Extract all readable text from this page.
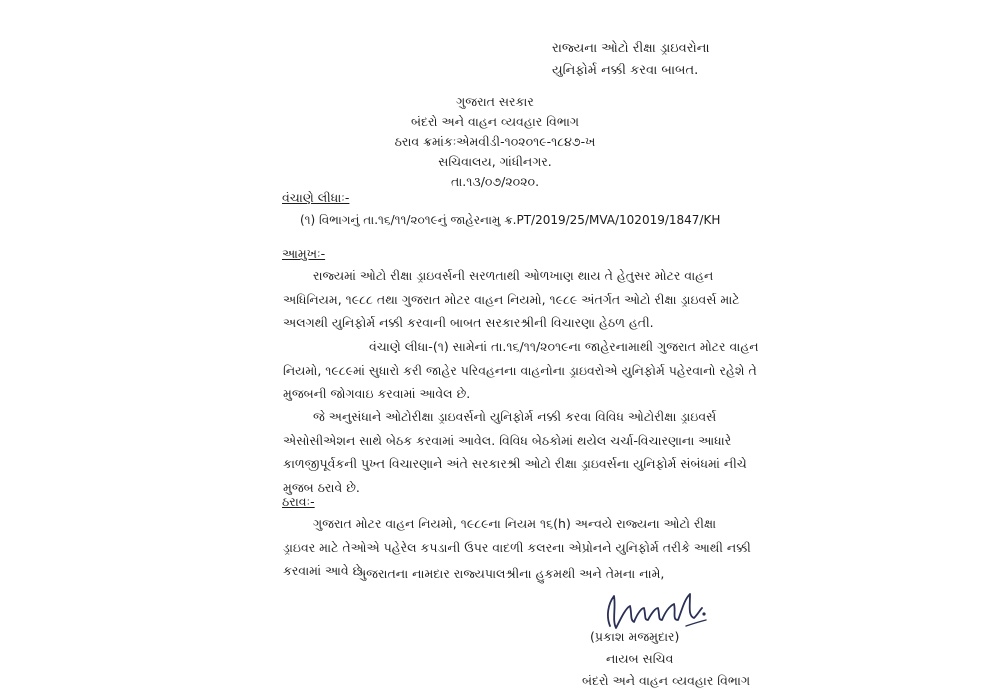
રાજ્યના ઓટો રીક્ષા ડ્રાઇવરોના
યુનિફોર્મ નક્કી કરવા બાબત.
ગુજરાત સરકાર
બંદરો અને વાહન વ્યવહાર વિભાગ
ઠરાવ ક્રમાંકઃએમવીડી-૧૦૨૦૧૯-૧૮૪૭-ખ
સચિવાલય, ગાંધીનગર.
તા.૧૩/૦૭/૨૦૨૦.
વંચાણે લીધાઃ-
(૧) વિભાગનું તા.૧૬/૧૧/૨૦૧૯નું જાહેરનામુ ક્ર.PT/2019/25/MVA/102019/1847/KH
આમુખઃ-
રાજ્યમાં ઓટો રીક્ષા ડ્રાઇવર્સની સરળતાથી ઓળખાણ થાય તે હેતુસર મોટર વાહન
અધિનિયમ, ૧૯૮૮ તથા ગુજરાત મોટર વાહન નિયમો, ૧૯૮૯ અંતર્ગત ઓટો રીક્ષા ડ્રાઇવર્સ માટે
અલગથી યુનિફોર્મ નક્કી કરવાની બાબત સરકારશ્રીની વિચારણા હેઠળ હતી.
વંચાણે લીધા-(૧) સામેનાં તા.૧૬/૧૧/૨૦૧૯ના જાહેરનામાથી ગુજરાત મોટર વાહન
નિયમો, ૧૯૮૯માં સુધારો કરી જાહેર પરિવહનના વાહનોના ડ્રાઇવરોએ યુનિફોર્મ પહેરવાનો રહેશે તે
મુજબની જોગવાઇ કરવામાં આવેલ છે.
જે અનુસંધાને ઓટોરીક્ષા ડ્રાઇવર્સનો યુનિફોર્મ નક્કી કરવા વિવિધ ઓટોરીક્ષા ડ્રાઇવર્સ
એસોસીએશન સાથે બેઠક કરવામાં આવેલ. વિવિધ બેઠકોમાં થયેલ ચર્ચા-વિચારણાના આધારે
કાળજીપૂર્વકની પુખ્ત વિચારણાને અંતે સરકારશ્રી ઓટો રીક્ષા ડ્રાઇવર્સના યુનિફોર્મ સંબંધમાં નીચે
મુજબ ઠરાવે છે.
ઠરાવઃ-
ગુજરાત મોટર વાહન નિયમો, ૧૯૮૯ના નિયમ ૧૬(h) અન્વયે રાજ્યના ઓટો રીક્ષા
ડ્રાઇવર માટે તેઓએ પહેરેલ કપડાની ઉપર વાદળી કલરના એપ્રોનને યુનિફોર્મ તરીકે આથી નક્કી
કરવામાં આવે છે.
ગુજરાતના નામદાર રાજ્યપાલશ્રીના હુકમથી અને તેમના નામે,
(પ્રકાશ મજમુદાર)
નાયબ સચિવ
બંદરો અને વાહન વ્યવહાર વિભાગ
